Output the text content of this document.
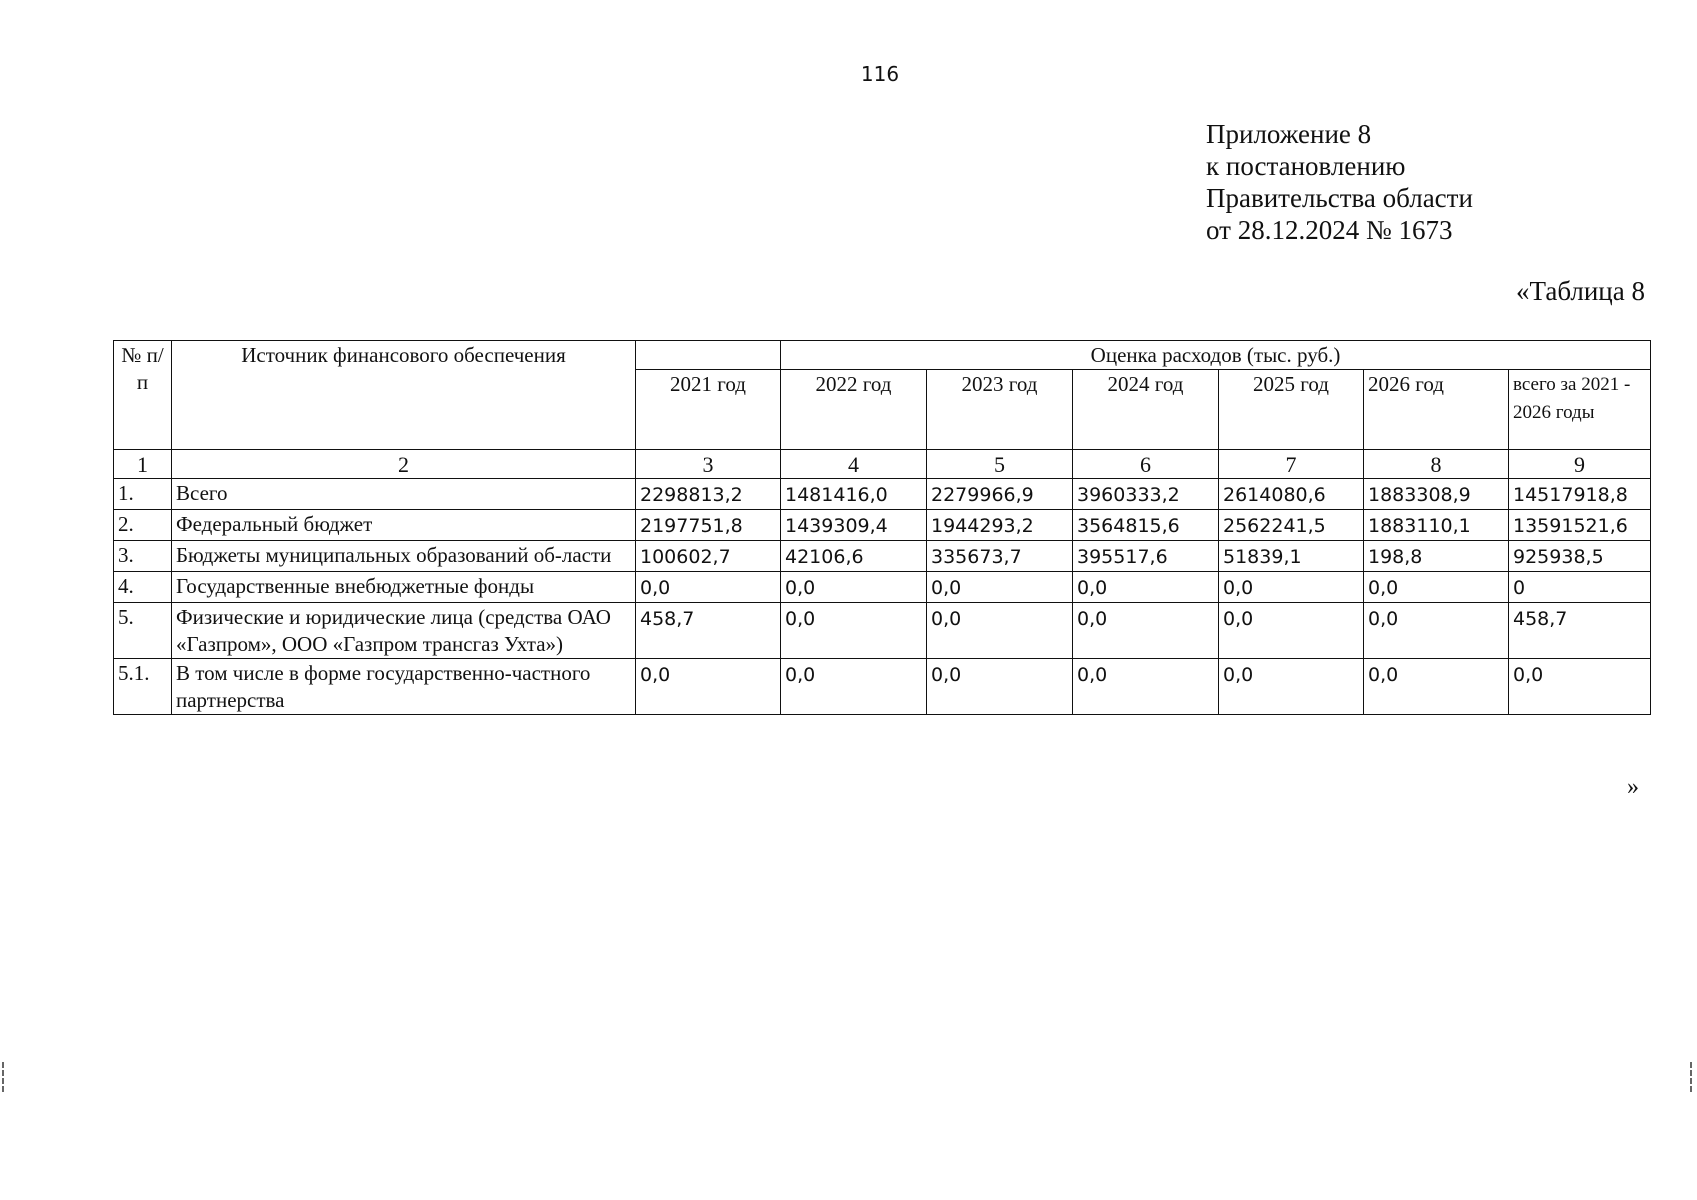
116
Приложение 8
к постановлению
Правительства области
от 28.12.2024 № 1673
«Таблица 8
№ п/п	Источник финансового обеспечения		Оценка расходов (тыс. руб.)					
		2021 год	2022 год	2023 год	2024 год	2025 год	2026 год	всего за 2021 - 2026 годы
1	2	3	4	5	6	7	8	9
1.	Всего	2298813,2	1481416,0	2279966,9	3960333,2	2614080,6	1883308,9	14517918,8
2.	Федеральный бюджет	2197751,8	1439309,4	1944293,2	3564815,6	2562241,5	1883110,1	13591521,6
3.	Бюджеты муниципальных образований об-ласти	100602,7	42106,6	335673,7	395517,6	51839,1	198,8	925938,5
4.	Государственные внебюджетные фонды	0,0	0,0	0,0	0,0	0,0	0,0	0
5.	Физические и юридические лица (средства ОАО «Газпром», ООО «Газпром трансгаз Ухта»)	458,7	0,0	0,0	0,0	0,0	0,0	458,7
5.1.	В том числе в форме государственно-частного партнерства	0,0	0,0	0,0	0,0	0,0	0,0	0,0
»
